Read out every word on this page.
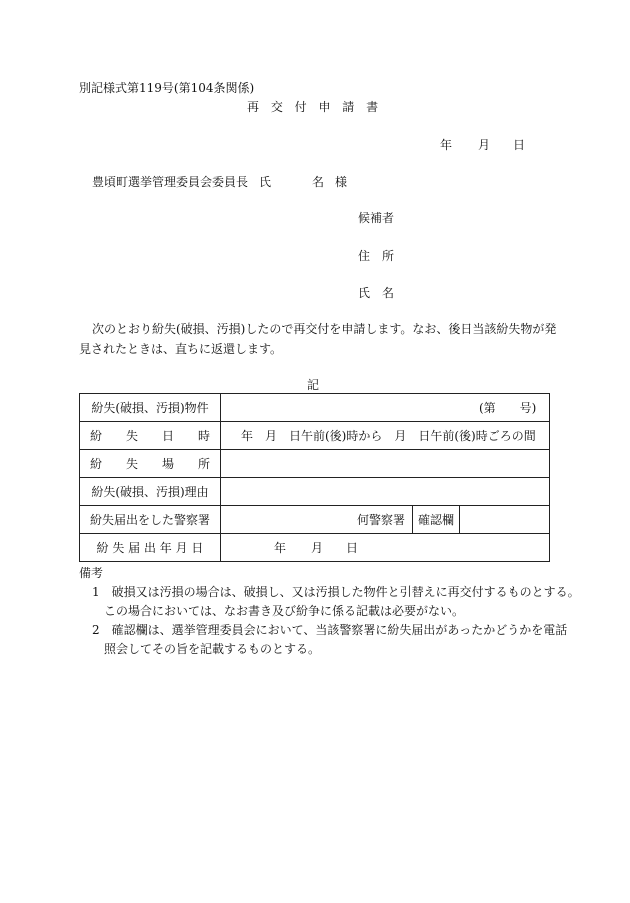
別記様式第119号(第104条関係)
再 交 付 申 請 書
年 月 日
豊頃町選挙管理委員会委員長 氏	名 様
候補者
住　所
氏　名
次のとおり紛失(破損、汚損)したので再交付を申請します。なお、後日当該紛失物が発
見されたときは、直ちに返還します。
記
紛失(破損、汚損)物件	(第　　号)

紛　　失　　日　　時	年　月　日午前(後)時から　月　日午前(後)時ごろの間

紛　　失　　場　　所	

紛失(破損、汚損)理由	

紛失届出をした警察署	何警察署 確認欄

紛 失 届 出 年 月 日	年 月 日
備考
1　破損又は汚損の場合は、破損し、又は汚損した物件と引替えに再交付するものとする。
この場合においては、なお書き及び紛争に係る記載は必要がない。
2　確認欄は、選挙管理委員会において、当該警察署に紛失届出があったかどうかを電話
照会してその旨を記載するものとする。
